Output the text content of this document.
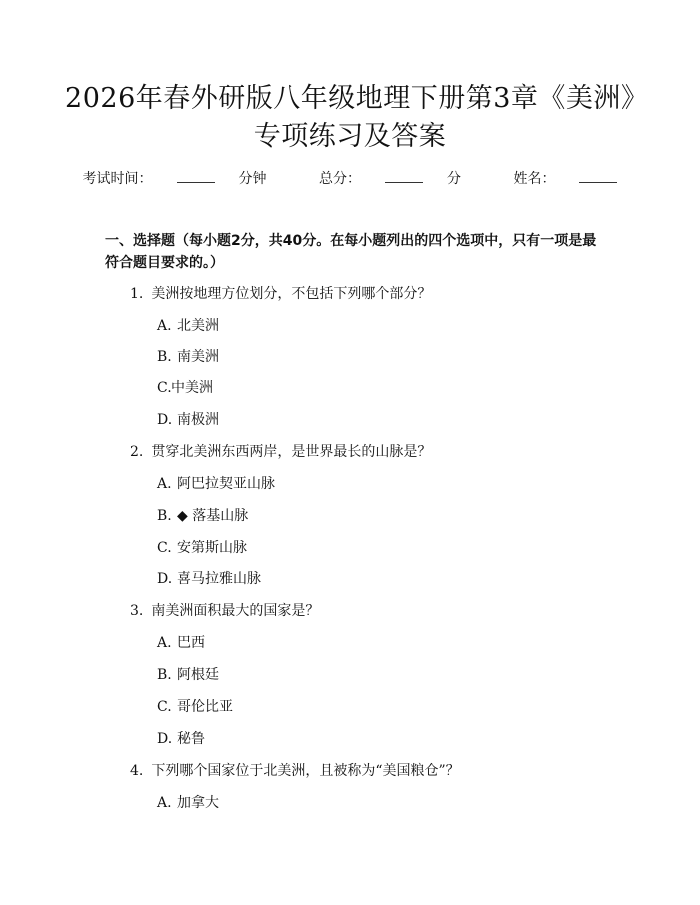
2026年春外研版八年级地理下册第3章《美洲》专项练习及答案
考试时间：	分钟	总分：	分	姓名：
一、选择题（每小题2分，共40分。在每小题列出的四个选项中，只有一项是最符合题目要求的。）
1. 美洲按地理方位划分，不包括下列哪个部分？
A. 北美洲
B. 南美洲
C.中美洲
D. 南极洲
2. 贯穿北美洲东西两岸，是世界最长的山脉是？
A. 阿巴拉契亚山脉
B. ◆ 落基山脉
C. 安第斯山脉
D. 喜马拉雅山脉
3. 南美洲面积最大的国家是？
A. 巴西
B. 阿根廷
C. 哥伦比亚
D. 秘鲁
4. 下列哪个国家位于北美洲，且被称为“美国粮仓”？
A. 加拿大
